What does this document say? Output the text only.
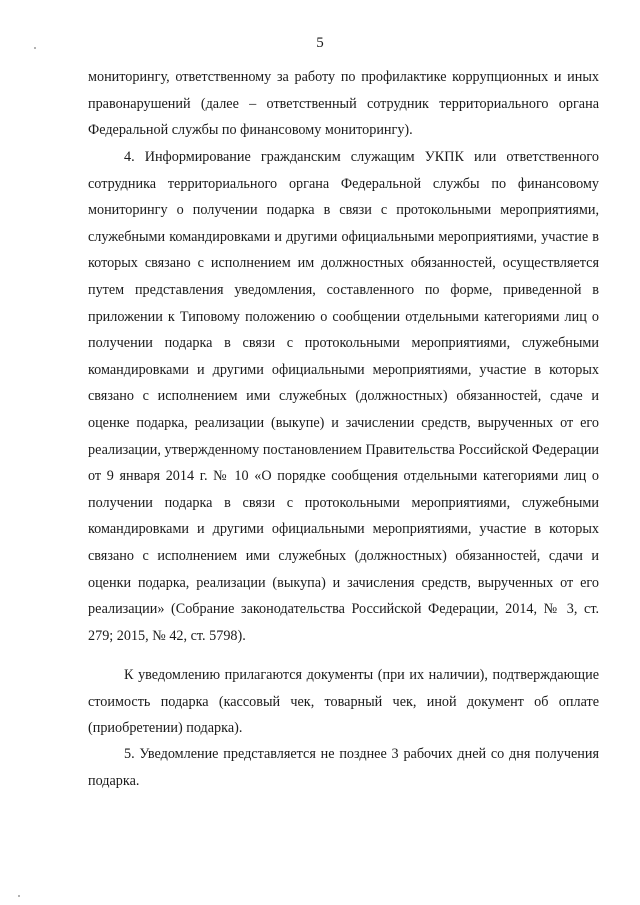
5

мониторингу, ответственному за работу по профилактике коррупционных и иных правонарушений (далее – ответственный сотрудник территориального органа Федеральной службы по финансовому мониторингу).

4. Информирование гражданским служащим УКПК или ответственного сотрудника территориального органа Федеральной службы по финансовому мониторингу о получении подарка в связи с протокольными мероприятиями, служебными командировками и другими официальными мероприятиями, участие в которых связано с исполнением им должностных обязанностей, осуществляется путем представления уведомления, составленного по форме, приведенной в приложении к Типовому положению о сообщении отдельными категориями лиц о получении подарка в связи с протокольными мероприятиями, служебными командировками и другими официальными мероприятиями, участие в которых связано с исполнением ими служебных (должностных) обязанностей, сдаче и оценке подарка, реализации (выкупе) и зачислении средств, вырученных от его реализации, утвержденному постановлением Правительства Российской Федерации от 9 января 2014 г. № 10 «О порядке сообщения отдельными категориями лиц о получении подарка в связи с протокольными мероприятиями, служебными командировками и другими официальными мероприятиями, участие в которых связано с исполнением ими служебных (должностных) обязанностей, сдачи и оценки подарка, реализации (выкупа) и зачисления средств, вырученных от его реализации» (Собрание законодательства Российской Федерации, 2014, № 3, ст. 279; 2015, № 42, ст. 5798).

К уведомлению прилагаются документы (при их наличии), подтверждающие стоимость подарка (кассовый чек, товарный чек, иной документ об оплате (приобретении) подарка).

5. Уведомление представляется не позднее 3 рабочих дней со дня получения подарка.
